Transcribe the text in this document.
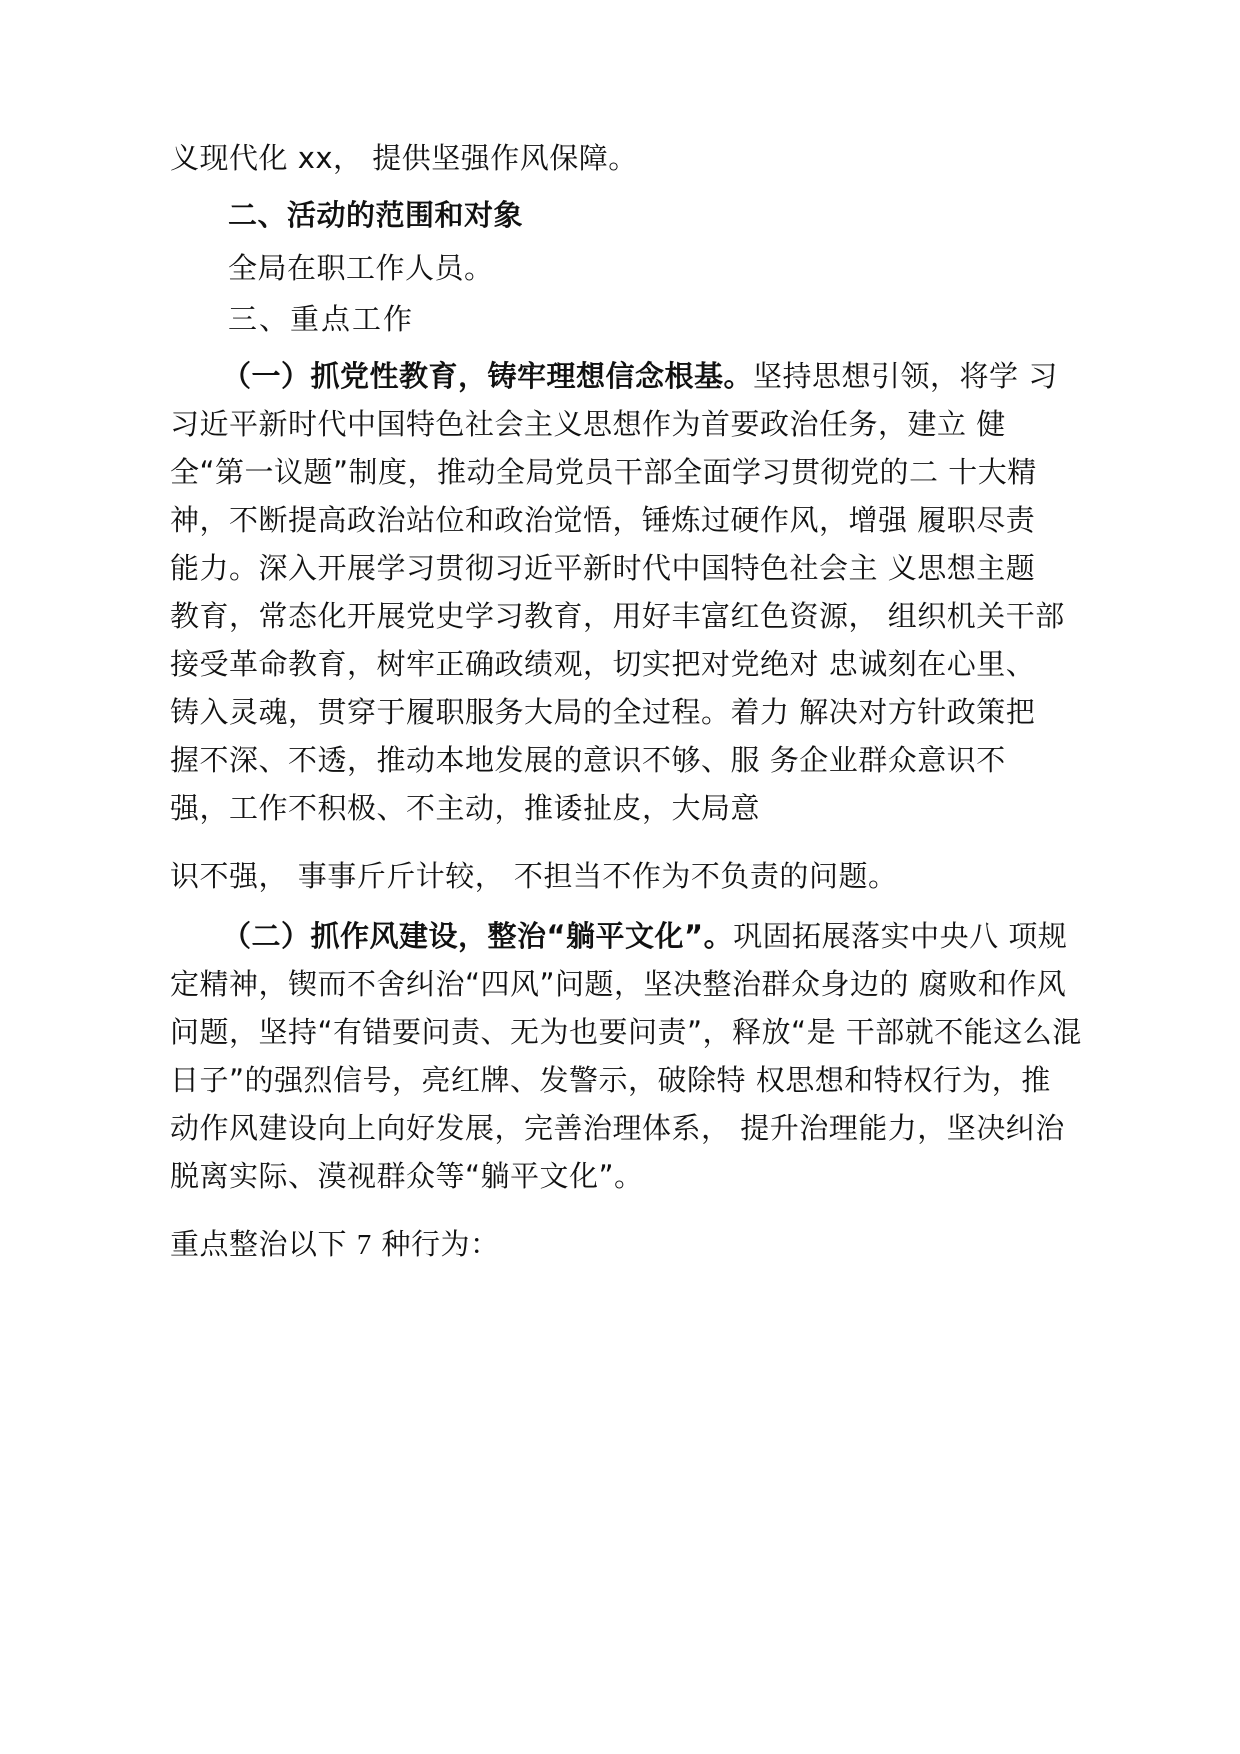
义现代化 xx， 提供坚强作风保障。
二、活动的范围和对象
全局在职工作人员。
三、重点工作
（一）抓党性教育，铸牢理想信念根基。坚持思想引领，将学 习
习近平新时代中国特色社会主义思想作为首要政治任务，建立 健
全“第一议题”制度，推动全局党员干部全面学习贯彻党的二 十大精
神，不断提高政治站位和政治觉悟，锤炼过硬作风，增强 履职尽责
能力。深入开展学习贯彻习近平新时代中国特色社会主 义思想主题
教育，常态化开展党史学习教育，用好丰富红色资源， 组织机关干部
接受革命教育，树牢正确政绩观，切实把对党绝对 忠诚刻在心里、
铸入灵魂，贯穿于履职服务大局的全过程。着力 解决对方针政策把
握不深、不透，推动本地发展的意识不够、服 务企业群众意识不
强，工作不积极、不主动，推诿扯皮，大局意
识不强， 事事斤斤计较， 不担当不作为不负责的问题。
（二）抓作风建设，整治“躺平文化”。巩固拓展落实中央八 项规
定精神，锲而不舍纠治“四风”问题，坚决整治群众身边的 腐败和作风
问题，坚持“有错要问责、无为也要问责”，释放“是 干部就不能这么混
日子”的强烈信号，亮红牌、发警示，破除特 权思想和特权行为，推
动作风建设向上向好发展，完善治理体系， 提升治理能力，坚决纠治
脱离实际、漠视群众等“躺平文化”。
重点整治以下 7 种行为：
